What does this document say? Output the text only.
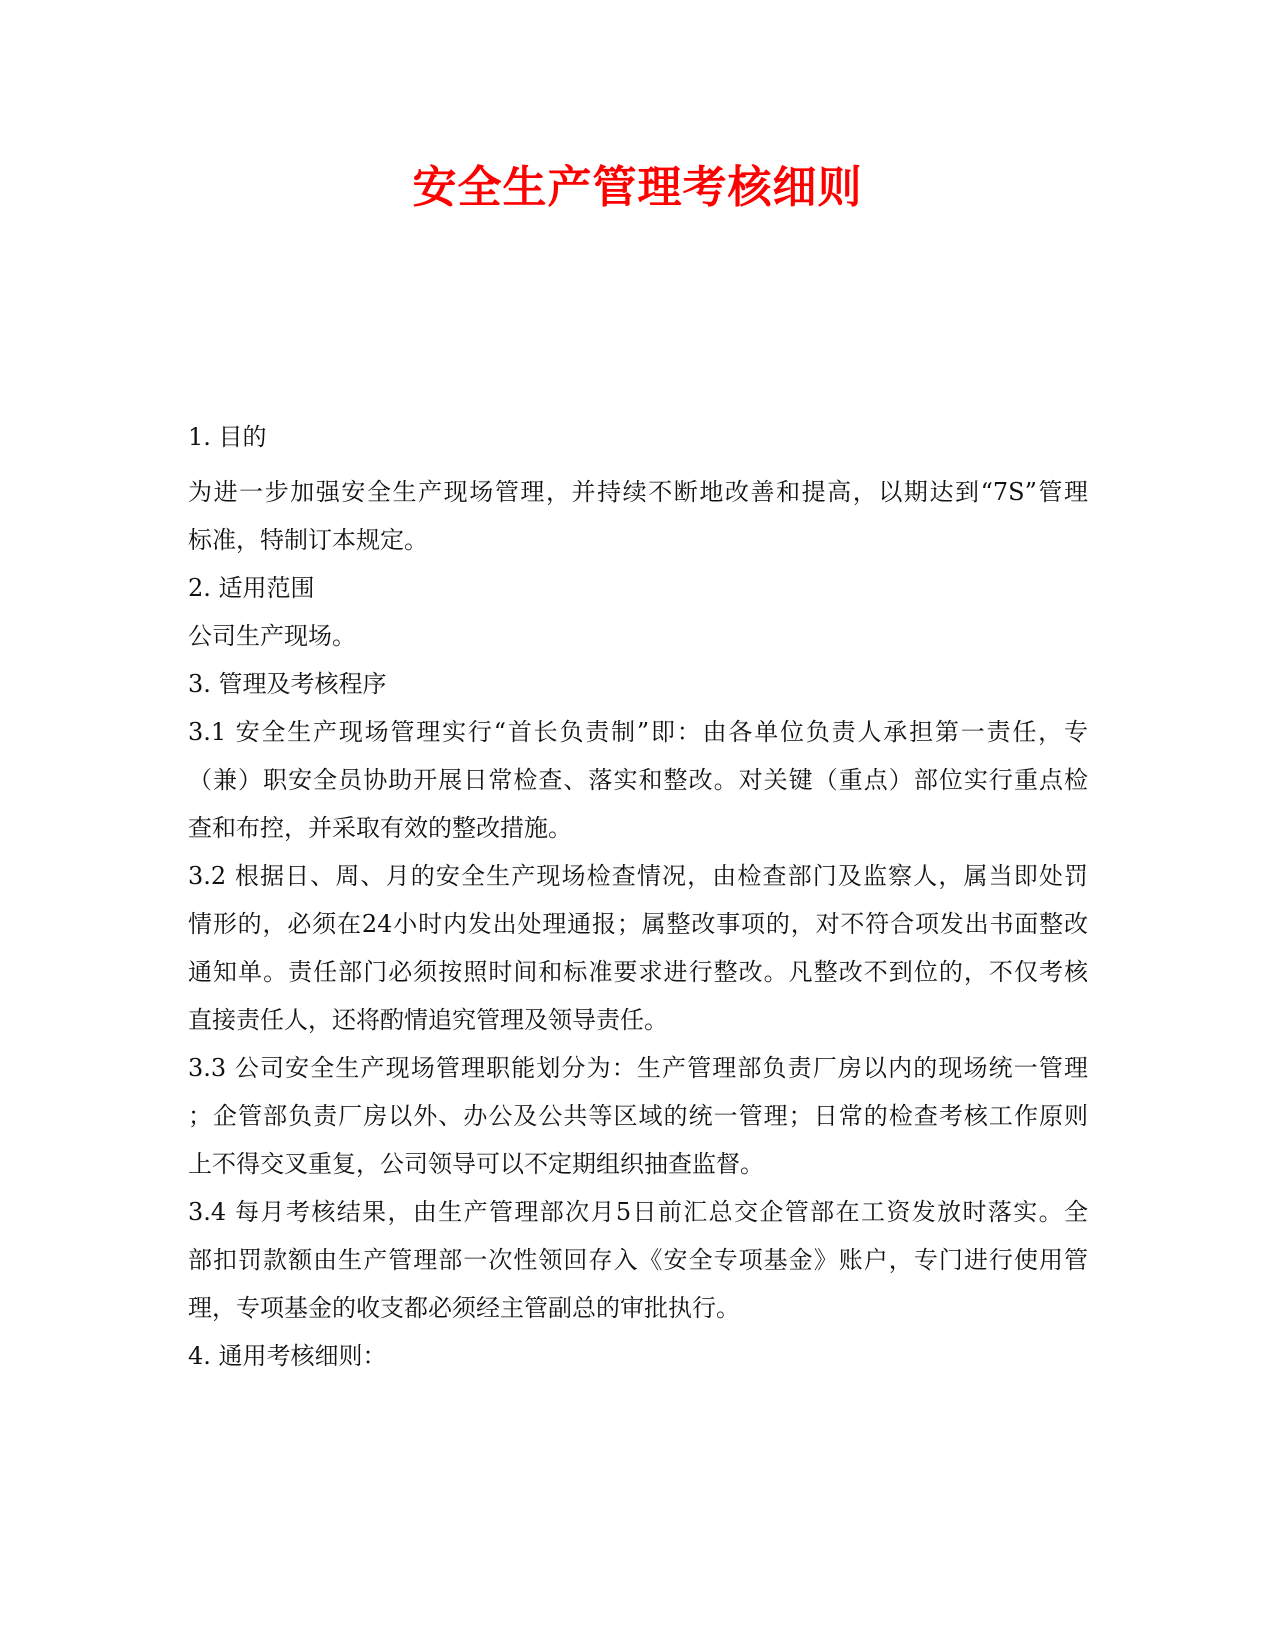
安全生产管理考核细则
1. 目的
为进一步加强安全生产现场管理，并持续不断地改善和提高，以期达到“7S”管理
标准，特制订本规定。
2. 适用范围
公司生产现场。
3. 管理及考核程序
3.1 安全生产现场管理实行“首长负责制”即：由各单位负责人承担第一责任，专
（兼）职安全员协助开展日常检查、落实和整改。对关键（重点）部位实行重点检
查和布控，并采取有效的整改措施。
3.2 根据日、周、月的安全生产现场检查情况，由检查部门及监察人，属当即处罚
情形的，必须在24小时内发出处理通报；属整改事项的，对不符合项发出书面整改
通知单。责任部门必须按照时间和标准要求进行整改。凡整改不到位的，不仅考核
直接责任人，还将酌情追究管理及领导责任。
3.3 公司安全生产现场管理职能划分为：生产管理部负责厂房以内的现场统一管理
；企管部负责厂房以外、办公及公共等区域的统一管理；日常的检查考核工作原则
上不得交叉重复，公司领导可以不定期组织抽查监督。
3.4 每月考核结果，由生产管理部次月5日前汇总交企管部在工资发放时落实。全
部扣罚款额由生产管理部一次性领回存入《安全专项基金》账户，专门进行使用管
理，专项基金的收支都必须经主管副总的审批执行。
4. 通用考核细则：
